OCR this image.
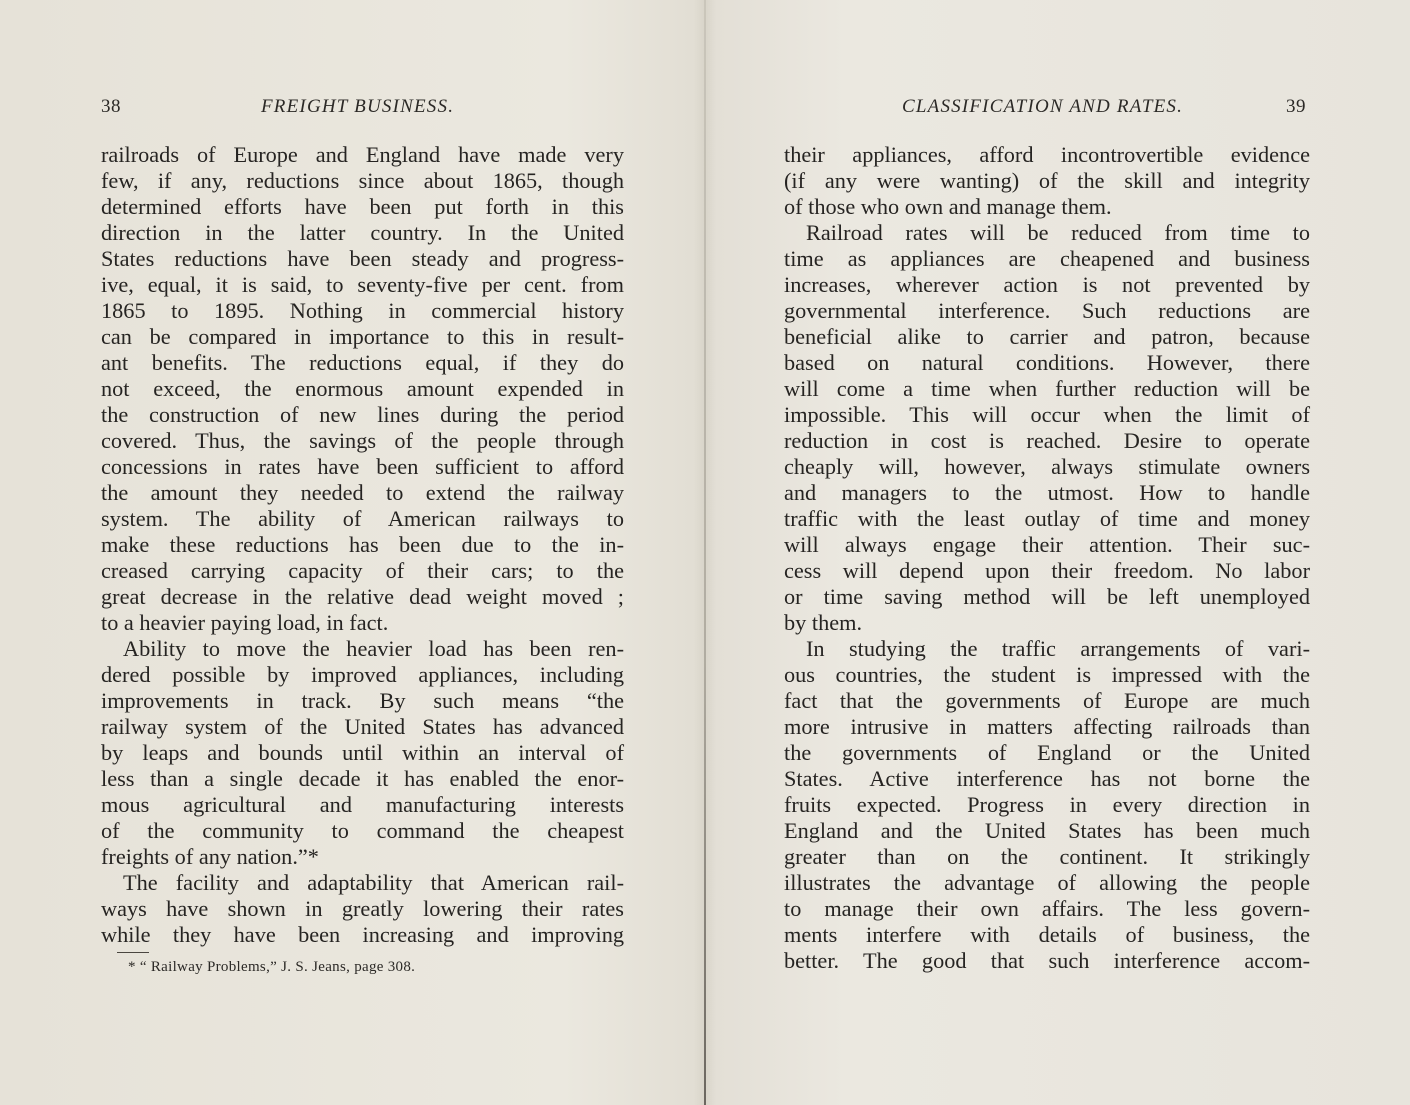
38	FREIGHT BUSINESS.
railroads of Europe and England have made very
few, if any, reductions since about 1865, though
determined efforts have been put forth in this
direction in the latter country. In the United
States reductions have been steady and progress-
ive, equal, it is said, to seventy-five per cent. from
1865 to 1895. Nothing in commercial history
can be compared in importance to this in result-
ant benefits. The reductions equal, if they do
not exceed, the enormous amount expended in
the construction of new lines during the period
covered. Thus, the savings of the people through
concessions in rates have been sufficient to afford
the amount they needed to extend the railway
system. The ability of American railways to
make these reductions has been due to the in-
creased carrying capacity of their cars; to the
great decrease in the relative dead weight moved ;
to a heavier paying load, in fact.
Ability to move the heavier load has been ren-
dered possible by improved appliances, including
improvements in track. By such means “the
railway system of the United States has advanced
by leaps and bounds until within an interval of
less than a single decade it has enabled the enor-
mous agricultural and manufacturing interests
of the community to command the cheapest
freights of any nation.”*
The facility and adaptability that American rail-
ways have shown in greatly lowering their rates
while they have been increasing and improving
* “ Railway Problems,” J. S. Jeans, page 308.
CLASSIFICATION AND RATES.	39
their appliances, afford incontrovertible evidence
(if any were wanting) of the skill and integrity
of those who own and manage them.
Railroad rates will be reduced from time to
time as appliances are cheapened and business
increases, wherever action is not prevented by
governmental interference. Such reductions are
beneficial alike to carrier and patron, because
based on natural conditions. However, there
will come a time when further reduction will be
impossible. This will occur when the limit of
reduction in cost is reached. Desire to operate
cheaply will, however, always stimulate owners
and managers to the utmost. How to handle
traffic with the least outlay of time and money
will always engage their attention. Their suc-
cess will depend upon their freedom. No labor
or time saving method will be left unemployed
by them.
In studying the traffic arrangements of vari-
ous countries, the student is impressed with the
fact that the governments of Europe are much
more intrusive in matters affecting railroads than
the governments of England or the United
States. Active interference has not borne the
fruits expected. Progress in every direction in
England and the United States has been much
greater than on the continent. It strikingly
illustrates the advantage of allowing the people
to manage their own affairs. The less govern-
ments interfere with details of business, the
better. The good that such interference accom-
